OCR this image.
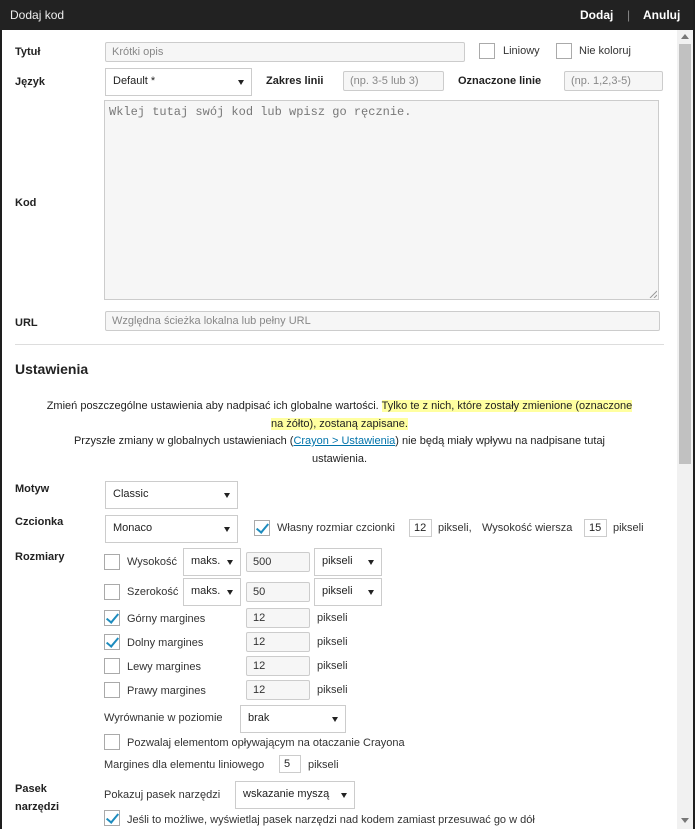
Dodaj kod	Dodaj | Anuluj
Tytuł	Krótki opis	Liniowy	Nie koloruj
Język	Default *	Zakres linii	(np. 3-5 lub 3)	Oznaczone linie	(np. 1,2,3-5)
Kod
Wklej tutaj swój kod lub wpisz go ręcznie.
URL	Względna ścieżka lokalna lub pełny URL
Ustawienia
Zmień poszczególne ustawienia aby nadpisać ich globalne wartości. Tylko te z nich, które zostały zmienione (oznaczone
na żółto), zostaną zapisane.
Przyszłe zmiany w globalnych ustawieniach (Crayon > Ustawienia) nie będą miały wpływu na nadpisane tutaj
ustawienia.
Motyw	Classic
Czcionka	Monaco	Własny rozmiar czcionki	12	pikseli, Wysokość wiersza	15	pikseli
Rozmiary	Wysokość	maks.	500	pikseli
Szerokość	maks.	50	pikseli
Górny margines	12	pikseli
Dolny margines	12	pikseli
Lewy margines	12	pikseli
Prawy margines	12	pikseli
Wyrównanie w poziomie	brak
Pozwalaj elementom opływającym na otaczanie Crayona
Margines dla elementu liniowego	5	pikseli
Pasek
narzędzi
Pokazuj pasek narzędzi	wskazanie myszą
Jeśli to możliwe, wyświetlaj pasek narzędzi nad kodem zamiast przesuwać go w dół
